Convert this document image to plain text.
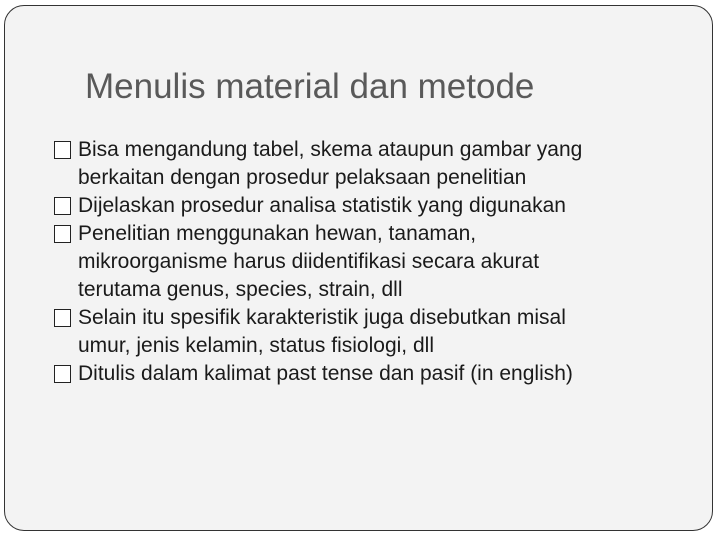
Menulis material dan metode
Bisa mengandung tabel, skema ataupun gambar yang
berkaitan dengan prosedur pelaksaan penelitian
Dijelaskan prosedur analisa statistik yang digunakan
Penelitian menggunakan hewan, tanaman,
mikroorganisme harus diidentifikasi secara akurat
terutama genus, species, strain, dll
Selain itu spesifik karakteristik juga disebutkan misal
umur, jenis kelamin, status fisiologi, dll
Ditulis dalam kalimat past tense dan pasif (in english)
